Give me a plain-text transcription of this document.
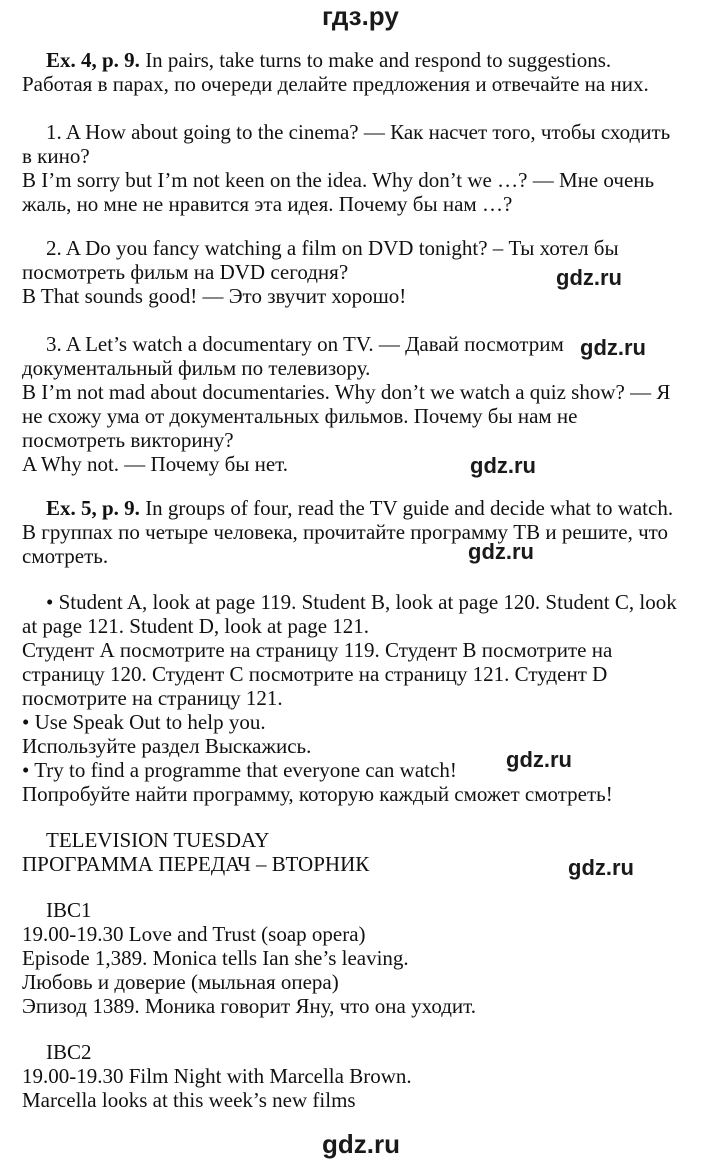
гдз.ру
Ex. 4, p. 9. In pairs, take turns to make and respond to suggestions.
Работая в парах, по очереди делайте предложения и отвечайте на них.
1. A How about going to the cinema? — Как насчет того, чтобы сходить
в кино?
B I’m sorry but I’m not keen on the idea. Why don’t we …? — Мне очень
жаль, но мне не нравится эта идея. Почему бы нам …?
2. A Do you fancy watching a film on DVD tonight? – Ты хотел бы
посмотреть фильм на DVD сегодня?
B That sounds good! — Это звучит хорошо!
gdz.ru
3. A Let’s watch a documentary on TV. — Давай посмотрим
документальный фильм по телевизору.
B I’m not mad about documentaries. Why don’t we watch a quiz show? — Я
не схожу ума от документальных фильмов. Почему бы нам не
посмотреть викторину?
A Why not. — Почему бы нет.
gdz.ru
gdz.ru
Ex. 5, p. 9. In groups of four, read the TV guide and decide what to watch.
В группах по четыре человека, прочитайте программу ТВ и решите, что
смотреть.	gdz.ru
• Student A, look at page 119. Student B, look at page 120. Student C, look
at page 121. Student D, look at page 121.
Студент А посмотрите на страницу 119. Студент В посмотрите на
страницу 120. Студент С посмотрите на страницу 121. Студент D
посмотрите на страницу 121.
• Use Speak Out to help you.
Используйте раздел Выскажись.
• Try to find a programme that everyone can watch!
Попробуйте найти программу, которую каждый сможет смотреть!
gdz.ru
TELEVISION TUESDAY
ПРОГРАММА ПЕРЕДАЧ – ВТОРНИК	gdz.ru
IBC1
19.00-19.30 Love and Trust (soap opera)
Episode 1,389. Monica tells Ian she’s leaving.
Любовь и доверие (мыльная опера)
Эпизод 1389. Моника говорит Яну, что она уходит.
IBC2
19.00-19.30 Film Night with Marcella Brown.
Marcella looks at this week’s new films
gdz.ru
